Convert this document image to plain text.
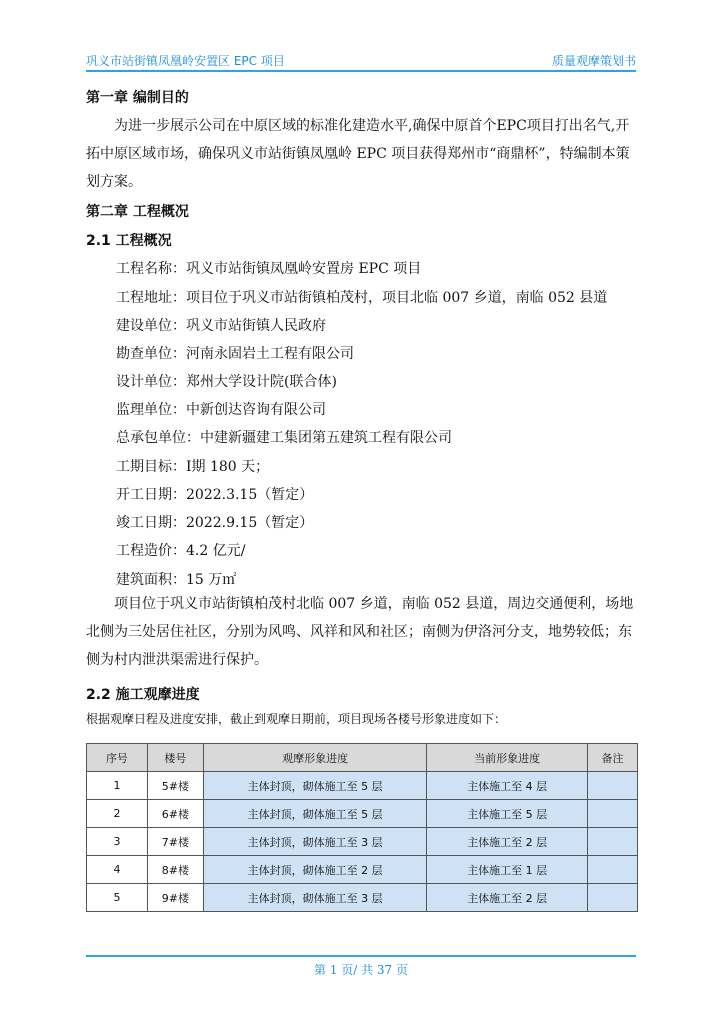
巩义市站街镇凤凰岭安置区 EPC 项目	质量观摩策划书
第一章 编制目的

为进一步展示公司在中原区域的标准化建造水平,确保中原首个EPC项目打出名气,开拓中原区域市场，确保巩义市站街镇凤凰岭 EPC 项目获得郑州市“商鼎杯”，特编制本策划方案。

第二章 工程概况
2.1 工程概况
工程名称：巩义市站街镇凤凰岭安置房 EPC 项目
工程地址：项目位于巩义市站街镇柏茂村，项目北临 007 乡道，南临 052 县道
建设单位：巩义市站街镇人民政府
勘查单位：河南永固岩土工程有限公司
设计单位：郑州大学设计院(联合体)
监理单位：中新创达咨询有限公司
总承包单位：中建新疆建工集团第五建筑工程有限公司
工期目标：Ⅰ期 180 天；
开工日期：2022.3.15（暂定）
竣工日期：2022.9.15（暂定）
工程造价：4.2 亿元/
建筑面积：15 万㎡

项目位于巩义市站街镇柏茂村北临 007 乡道，南临 052 县道，周边交通便利，场地北侧为三处居住社区，分别为风鸣、风祥和风和社区；南侧为伊洛河分支，地势较低；东侧为村内泄洪渠需进行保护。

2.2 施工观摩进度
根据观摩日程及进度安排，截止到观摩日期前，项目现场各楼号形象进度如下：
序号	楼号	观摩形象进度	当前形象进度	备注
1	5#楼	主体封顶，砌体施工至 5 层	主体施工至 4 层	
2	6#楼	主体封顶，砌体施工至 5 层	主体施工至 5 层	
3	7#楼	主体封顶，砌体施工至 3 层	主体施工至 2 层	
4	8#楼	主体封顶，砌体施工至 2 层	主体施工至 1 层	
5	9#楼	主体封顶，砌体施工至 3 层	主体施工至 2 层	
第 1 页/ 共 37 页
